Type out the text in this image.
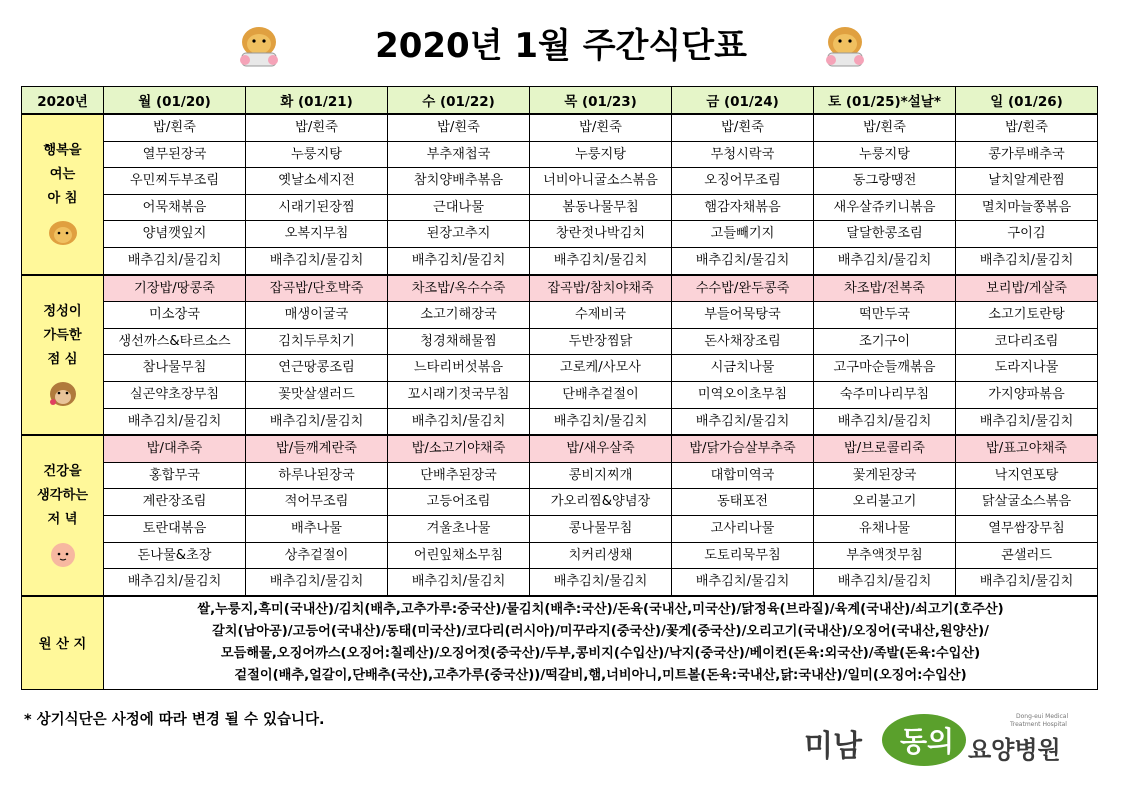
2020년 1월 주간식단표
2020년	월 (01/20)	화 (01/21)	수 (01/22)	목 (01/23)	금 (01/24)	토 (01/25)*설날*	일 (01/26)

행복을
여는
아 침	밥/흰죽	밥/흰죽	밥/흰죽	밥/흰죽	밥/흰죽	밥/흰죽	밥/흰죽
	열무된장국	누룽지탕	부추재첩국	누룽지탕	무청시락국	누룽지탕	콩가루배추국
	우민찌두부조림	옛날소세지전	참치양배추볶음	너비아니굴소스볶음	오징어무조림	동그랑땡전	날치알계란찜
	어묵채볶음	시래기된장찜	근대나물	봄동나물무침	햄감자채볶음	새우살쥬키니볶음	멸치마늘쫑볶음
	양념깻잎지	오복지무침	된장고추지	창란젓나박김치	고들빼기지	달달한콩조림	구이김
	배추김치/물김치	배추김치/물김치	배추김치/물김치	배추김치/물김치	배추김치/물김치	배추김치/물김치	배추김치/물김치

정성이
가득한
점 심	기장밥/땅콩죽	잡곡밥/단호박죽	차조밥/옥수수죽	잡곡밥/참치야채죽	수수밥/완두콩죽	차조밥/전복죽	보리밥/게살죽
	미소장국	매생이굴국	소고기해장국	수제비국	부들어묵탕국	떡만두국	소고기토란탕
	생선까스&타르소스	김치두루치기	청경채해물찜	두반장찜닭	돈사채장조림	조기구이	코다리조림
	참나물무침	연근땅콩조림	느타리버섯볶음	고로케/사모사	시금치나물	고구마순들깨볶음	도라지나물
	실곤약초장무침	꽃맛살샐러드	꼬시래기젓국무침	단배추겉절이	미역오이초무침	숙주미나리무침	가지양파볶음
	배추김치/물김치	배추김치/물김치	배추김치/물김치	배추김치/물김치	배추김치/물김치	배추김치/물김치	배추김치/물김치

건강을
생각하는
저 녁	밥/대추죽	밥/들깨계란죽	밥/소고기야채죽	밥/새우살죽	밥/닭가슴살부추죽	밥/브로콜리죽	밥/표고야채죽
	홍합무국	하루나된장국	단배추된장국	콩비지찌개	대합미역국	꽃게된장국	낙지연포탕
	계란장조림	적어무조림	고등어조림	가오리찜&양념장	동태포전	오리불고기	닭살굴소스볶음
	토란대볶음	배추나물	겨울초나물	콩나물무침	고사리나물	유채나물	열무쌈장무침
	돈나물&초장	상추겉절이	어린잎채소무침	치커리생채	도토리묵무침	부추액젓무침	콘샐러드
	배추김치/물김치	배추김치/물김치	배추김치/물김치	배추김치/물김치	배추김치/물김치	배추김치/물김치	배추김치/물김치
원 산 지	쌀,누룽지,흑미(국내산)/김치(배추,고추가루:중국산)/물김치(배추:국산)/돈육(국내산,미국산)/닭정육(브라질)/육계(국내산)/쇠고기(호주산)
갈치(남아공)/고등어(국내산)/동태(미국산)/코다리(러시아)/미꾸라지(중국산)/꽃게(중국산)/오리고기(국내산)/오징어(국내산,원양산)/
모듬해물,오징어까스(오징어:칠레산)/오징어젓(중국산)/두부,콩비지(수입산)/낙지(중국산)/베이컨(돈육:외국산)/족발(돈육:수입산)
겉절이(배추,얼갈이,단배추(국산),고추가루(중국산))/떡갈비,햄,너비아니,미트볼(돈육:국내산,닭:국내산)/일미(오징어:수입산)						
* 상기식단은 사정에 따라 변경 될 수 있습니다.
미남 동의 요양병원
Dong-eui Medical
Treatment Hospital
